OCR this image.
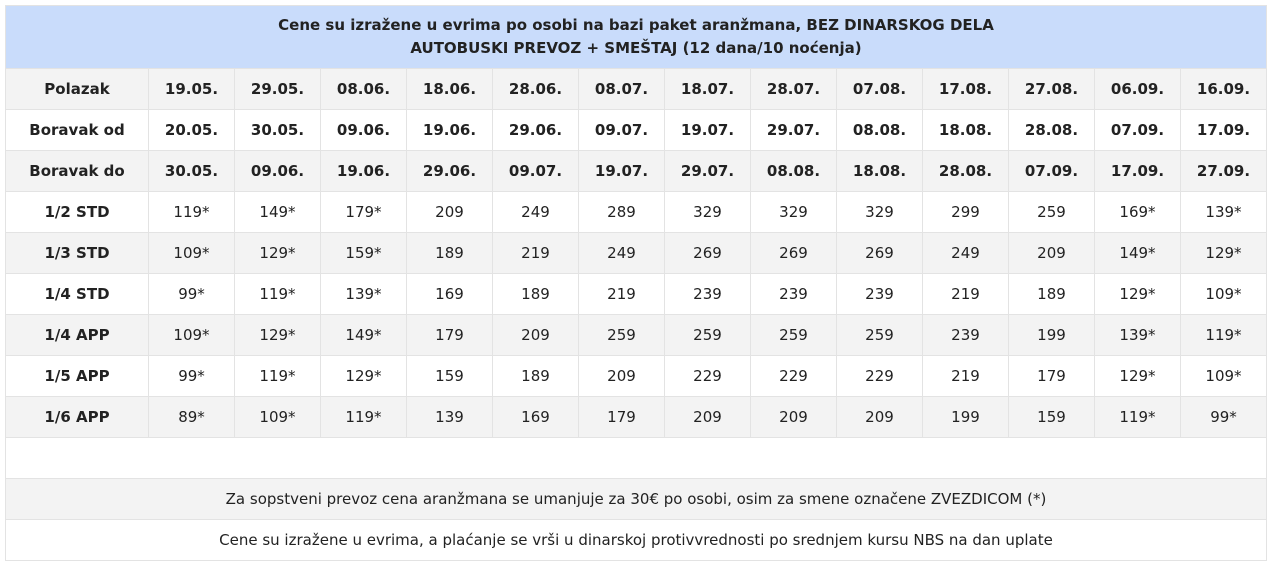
Cene su izražene u evrima po osobi na bazi paket aranžmana, BEZ DINARSKOG DELA
AUTOBUSKI PREVOZ + SMEŠTAJ (12 dana/10 noćenja)													

Polazak	19.05.	29.05.	08.06.	18.06.	28.06.	08.07.	18.07.	28.07.	07.08.	17.08.	27.08.	06.09.	16.09.
Boravak od	20.05.	30.05.	09.06.	19.06.	29.06.	09.07.	19.07.	29.07.	08.08.	18.08.	28.08.	07.09.	17.09.
Boravak do	30.05.	09.06.	19.06.	29.06.	09.07.	19.07.	29.07.	08.08.	18.08.	28.08.	07.09.	17.09.	27.09.
1/2 STD	119*	149*	179*	209	249	289	329	329	329	299	259	169*	139*
1/3 STD	109*	129*	159*	189	219	249	269	269	269	249	209	149*	129*
1/4 STD	99*	119*	139*	169	189	219	239	239	239	219	189	129*	109*
1/4 APP	109*	129*	149*	179	209	259	259	259	259	239	199	139*	119*
1/5 APP	99*	119*	129*	159	189	209	229	229	229	219	179	129*	109*
1/6 APP	89*	109*	119*	139	169	179	209	209	209	199	159	119*	99*

Za sopstveni prevoz cena aranžmana se umanjuje za 30€ po osobi, osim za smene označene ZVEZDICOM (*)													
Cene su izražene u evrima, a plaćanje se vrši u dinarskoj protivvrednosti po srednjem kursu NBS na dan uplate													
